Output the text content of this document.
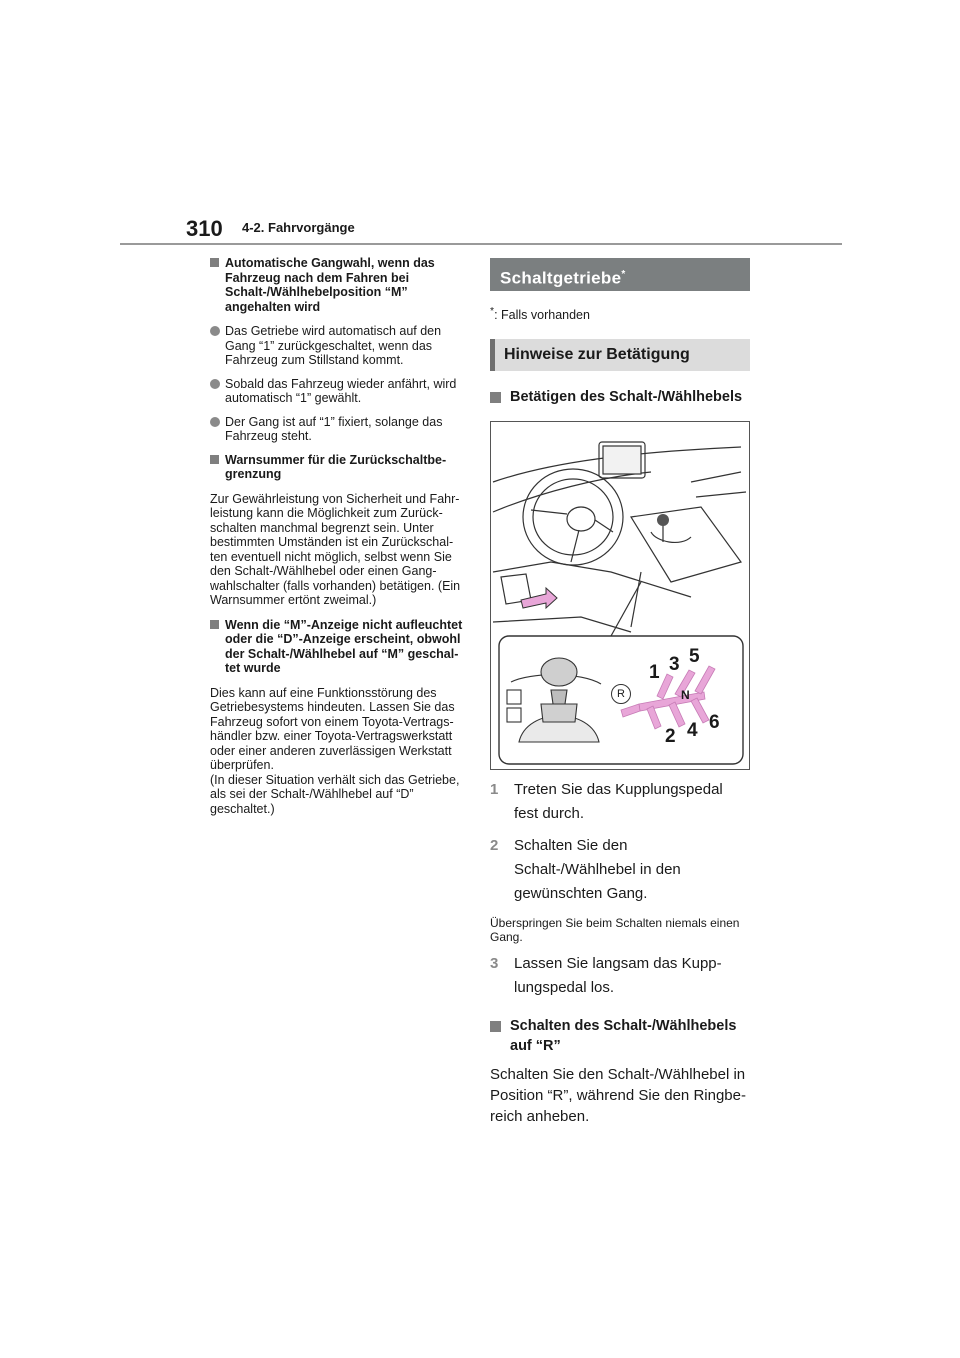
310 4-2. Fahrvorgänge
Automatische Gangwahl, wenn das Fahrzeug nach dem Fahren bei Schalt-/Wählhebelposition “M” angehalten wird
Das Getriebe wird automatisch auf den Gang “1” zurückgeschaltet, wenn das Fahrzeug zum Stillstand kommt.
Sobald das Fahrzeug wieder anfährt, wird automatisch “1” gewählt.
Der Gang ist auf “1” fixiert, solange das Fahrzeug steht.
Warnsummer für die Zurückschaltbe-grenzung
Zur Gewährleistung von Sicherheit und Fahr-leistung kann die Möglichkeit zum Zurück-schalten manchmal begrenzt sein. Unter bestimmten Umständen ist ein Zurückschal-ten eventuell nicht möglich, selbst wenn Sie den Schalt-/Wählhebel oder einen Gang-wahlschalter (falls vorhanden) betätigen. (Ein Warnsummer ertönt zweimal.)
Wenn die “M”-Anzeige nicht aufleuchtet oder die “D”-Anzeige erscheint, obwohl der Schalt-/Wählhebel auf “M” geschal-tet wurde
Dies kann auf eine Funktionsstörung des Getriebesystems hindeuten. Lassen Sie das Fahrzeug sofort von einem Toyota-Vertrags-händler bzw. einer Toyota-Vertragswerkstatt oder einer anderen zuverlässigen Werkstatt überprüfen.
(In dieser Situation verhält sich das Getriebe, als sei der Schalt-/Wählhebel auf “D” geschaltet.)
Schaltgetriebe*
*: Falls vorhanden
Hinweise zur Betätigung
Betätigen des Schalt-/Wählhebels
1 3 5
N
2 4 6
R
1 Treten Sie das Kupplungspedal fest durch.
2 Schalten Sie den Schalt-/Wählhebel in den gewünschten Gang.
Überspringen Sie beim Schalten niemals einen Gang.
3 Lassen Sie langsam das Kupp-lungspedal los.
Schalten des Schalt-/Wählhebels auf “R”
Schalten Sie den Schalt-/Wählhebel in Position “R”, während Sie den Ringbe-reich anheben.
